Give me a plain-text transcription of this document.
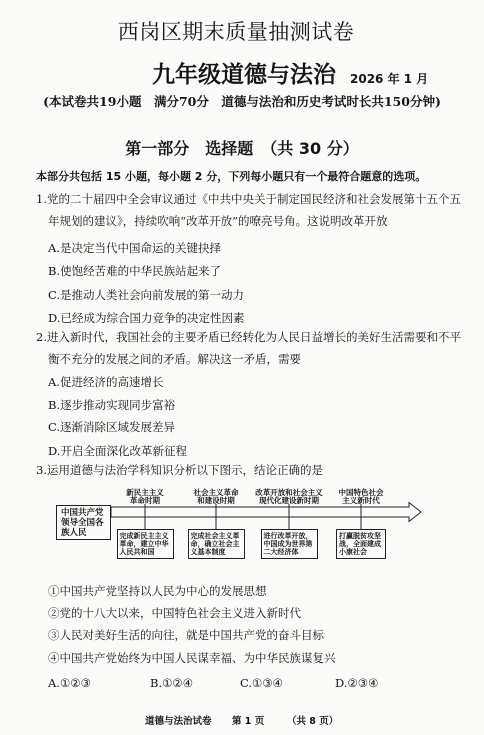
西岗区期末质量抽测试卷
九年级道德与法治 2026 年 1 月
(本试卷共19小题　满分70分　道德与法治和历史考试时长共150分钟)
第一部分　选择题　（共 30 分）
本部分共包括 15 小题，每小题 2 分，下列每小题只有一个最符合题意的选项。
1.党的二十届四中全会审议通过《中共中央关于制定国民经济和社会发展第十五个五
年规划的建议》，持续吹响“改革开放”的嘹亮号角。这说明改革开放
A.是决定当代中国命运的关键抉择
B.使饱经苦难的中华民族站起来了
C.是推动人类社会向前发展的第一动力
D.已经成为综合国力竞争的决定性因素
2.进入新时代，我国社会的主要矛盾已经转化为人民日益增长的美好生活需要和不平
衡不充分的发展之间的矛盾。解决这一矛盾，需要
A.促进经济的高速增长
B.逐步推动实现同步富裕
C.逐渐消除区域发展差异
D.开启全面深化改革新征程
3.运用道德与法治学科知识分析以下图示，结论正确的是
中国共产党
领导全国各
族人民
新民主主义
革命时期
社会主义革命
和建设时期
改革开放和社会主义
现代化建设新时期
中国特色社会
主义新时代
完成新民主主义
革命，建立中华
人民共和国
完成社会主义革
命，确立社会主
义基本制度
进行改革开放，
中国成为世界第
二大经济体
打赢脱贫攻坚
战，全面建成
小康社会
①中国共产党坚持以人民为中心的发展思想
②党的十八大以来，中国特色社会主义进入新时代
③人民对美好生活的向往，就是中国共产党的奋斗目标
④中国共产党始终为中国人民谋幸福、为中华民族谋复兴
A.①②③	B.①②④	C.①③④	D.②③④
道德与法治试卷 第 1 页 （共 8 页）
